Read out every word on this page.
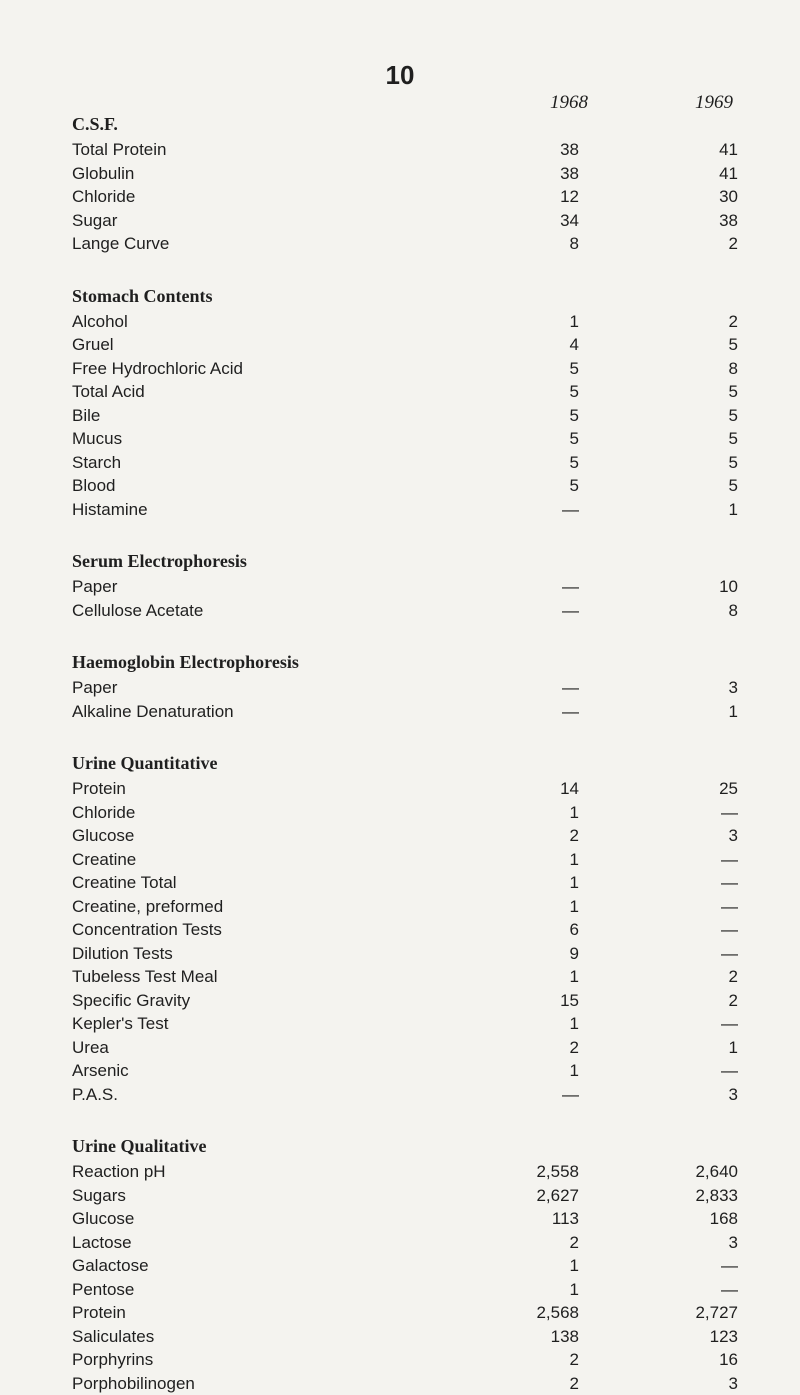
10
1968	1969
C.S.F.
Total Protein	38	41
Globulin	38	41
Chloride	12	30
Sugar	34	38
Lange Curve	8	2
Stomach Contents
Alcohol	1	2
Gruel	4	5
Free Hydrochloric Acid	5	8
Total Acid	5	5
Bile	5	5
Mucus	5	5
Starch	5	5
Blood	5	5
Histamine	—	1
Serum Electrophoresis
Paper	—	10
Cellulose Acetate	—	8
Haemoglobin Electrophoresis
Paper	—	3
Alkaline Denaturation	—	1
Urine Quantitative
Protein	14	25
Chloride	1	—
Glucose	2	3
Creatine	1	—
Creatine Total	1	—
Creatine, preformed	1	—
Concentration Tests	6	—
Dilution Tests	9	—
Tubeless Test Meal	1	2
Specific Gravity	15	2
Kepler's Test	1	—
Urea	2	1
Arsenic	1	—
P.A.S.	—	3
Urine Qualitative
Reaction pH	2,558	2,640
Sugars	2,627	2,833
Glucose	113	168
Lactose	2	3
Galactose	1	—
Pentose	1	—
Protein	2,568	2,727
Saliculates	138	123
Porphyrins	2	16
Porphobilinogen	2	3
